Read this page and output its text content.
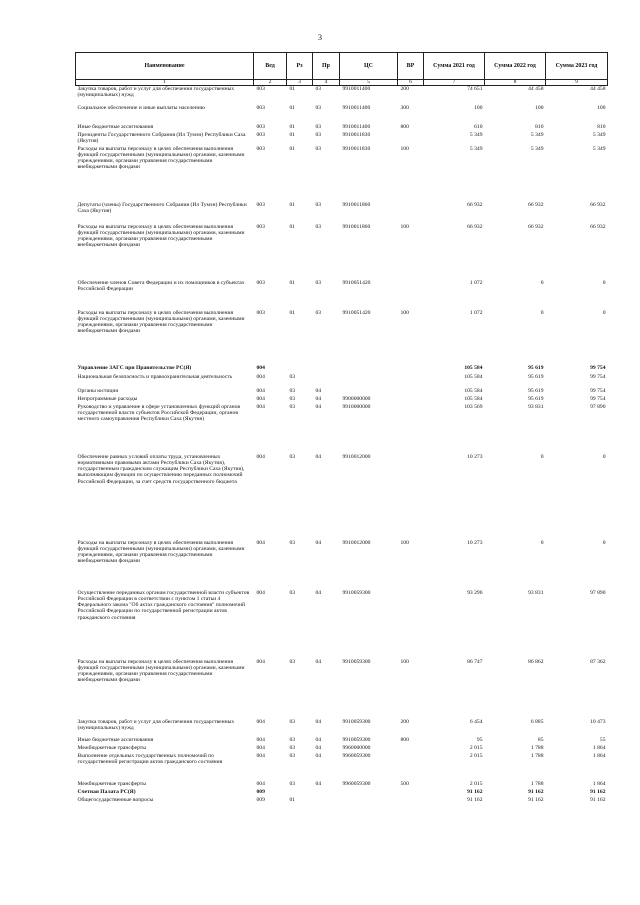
3
Наименование	Вед	Рз	Пр	ЦС	ВР	Сумма 2021 год	Сумма 2022 год	Сумма 2023 год
1	2	3	4	5	6	7	8	9
Закупка товаров, работ и услуг для обеспечения государственных (муниципальных) нужд	003	01	03	9910011400	200	74 651	44 458	44 458
Социальное обеспечение и иные выплаты населению	003	01	03	9910011400	300	100	100	100
Иные бюджетные ассигнования	003	01	03	9910011400	800	610	810	810
Президенты Государственного Собрания (Ил Тумэн) Республики Саха (Якутия)	003	01	03	9910011830		5 349	5 349	5 349
Расходы на выплаты персоналу в целях обеспечения выполнения функций государственными (муниципальными) органами, казенными учреждениями, органами управления государственными внебюджетными фондами	003	01	03	9910011830	100	5 349	5 349	5 349
Депутаты (члены) Государственного Собрания (Ил Тумэн) Республики Саха (Якутия)	003	01	03	9910011860		66 932	66 932	66 932
Расходы на выплаты персоналу в целях обеспечения выполнения функций государственными (муниципальными) органами, казенными учреждениями, органами управления государственными внебюджетными фондами	003	01	03	9910011860	100	66 932	66 932	66 932
Обеспечение членов Совета Федерации и их помощников в субъектах Российской Федерации	003	01	03	9910051420		1 072	0	0
Расходы на выплаты персоналу в целях обеспечения выполнения функций государственными (муниципальными) органами, казенными учреждениями, органами управления государственными внебюджетными фондами	003	01	03	9910051420	100	1 072	0	0
Управление ЗАГС при Правительстве РС(Я)	004					105 584	95 619	99 754
Национальная безопасность и правоохранительная деятельность	004	03				105 584	95 619	99 754
Органы юстиции	004	03	04			105 584	95 619	99 754
Непрограммные расходы	004	03	04	9900000000		105 584	95 619	99 754
Руководство и управление в сфере установленных функций органов государственной власти субъектов Российской Федерации, органов местного самоуправления Республики Саха (Якутия)	004	03	04	9910000000		103 569	93 831	97 890
Обеспечение равных условий оплаты труда, установленных нормативными правовыми актами Республики Саха (Якутия), государственным гражданским служащим Республики Саха (Якутия), выполняющим функции по осуществлению переданных полномочий Российской Федерации, за счет средств государственного бюджета	004	03	04	9910012000		10 273	0	0
Расходы на выплаты персоналу в целях обеспечения выполнения функций государственными (муниципальными) органами, казенными учреждениями, органами управления государственными внебюджетными фондами	004	03	04	9910012000	100	10 273	0	0
Осуществление переданных органам государственной власти субъектов Российской Федерации в соответствии с пунктом 1 статьи 4 Федерального закона "Об актах гражданского состояния" полномочий Российской Федерации по государственной регистрации актов гражданского состояния	004	03	04	9910059300		93 296	93 831	97 890
Расходы на выплаты персоналу в целях обеспечения выполнения функций государственными (муниципальными) органами, казенными учреждениями, органами управления государственными внебюджетными фондами	004	03	04	9910059300	100	86 747	86 862	87 362
Закупка товаров, работ и услуг для обеспечения государственных (муниципальных) нужд	004	03	04	9910059300	200	6 454	6 885	10 473
Иные бюджетные ассигнования	004	03	04	9910059300	800	95	85	55
Межбюджетные трансферты	004	03	04	9960000000		2 015	1 788	1 864
Выполнение отдельных государственных полномочий по государственной регистрации актов гражданского состояния	004	03	04	9960059300		2 015	1 788	1 864
Межбюджетные трансферты	004	03	04	9960059300	500	2 015	1 788	1 864
Счетная Палата РС(Я)	009					91 162	91 162	91 162
Общегосударственные вопросы	009	01				91 162	91 162	91 162
